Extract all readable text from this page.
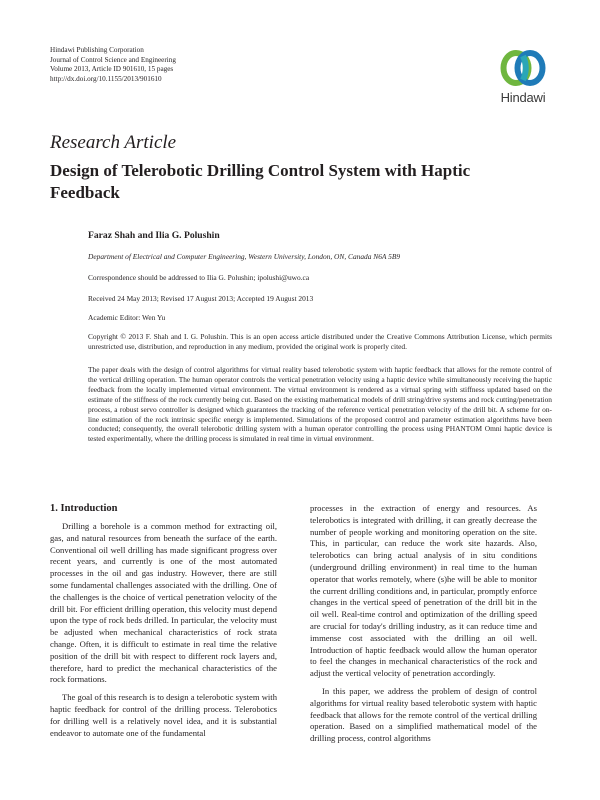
Hindawi Publishing Corporation
Journal of Control Science and Engineering
Volume 2013, Article ID 901610, 15 pages
http://dx.doi.org/10.1155/2013/901610
Hindawi
Research Article
Design of Telerobotic Drilling Control System with Haptic Feedback
Faraz Shah and Ilia G. Polushin
Department of Electrical and Computer Engineering, Western University, London, ON, Canada N6A 5B9
Correspondence should be addressed to Ilia G. Polushin; ipolushi@uwo.ca
Received 24 May 2013; Revised 17 August 2013; Accepted 19 August 2013
Academic Editor: Wen Yu
Copyright © 2013 F. Shah and I. G. Polushin. This is an open access article distributed under the Creative Commons Attribution License, which permits unrestricted use, distribution, and reproduction in any medium, provided the original work is properly cited.
The paper deals with the design of control algorithms for virtual reality based telerobotic system with haptic feedback that allows for the remote control of the vertical drilling operation. The human operator controls the vertical penetration velocity using a haptic device while simultaneously receiving the haptic feedback from the locally implemented virtual environment. The virtual environment is rendered as a virtual spring with stiffness updated based on the estimate of the stiffness of the rock currently being cut. Based on the existing mathematical models of drill string/drive systems and rock cutting/penetration process, a robust servo controller is designed which guarantees the tracking of the reference vertical penetration velocity of the drill bit. A scheme for on-line estimation of the rock intrinsic specific energy is implemented. Simulations of the proposed control and parameter estimation algorithms have been conducted; consequently, the overall telerobotic drilling system with a human operator controlling the process using PHANTOM Omni haptic device is tested experimentally, where the drilling process is simulated in real time in virtual environment.
1. Introduction

Drilling a borehole is a common method for extracting oil, gas, and natural resources from beneath the surface of the earth. Conventional oil well drilling has made significant progress over recent years, and currently is one of the most automated processes in the oil and gas industry. However, there are still some fundamental challenges associated with the drilling. One of the challenges is the choice of vertical penetration velocity of the drill bit. For efficient drilling operation, this velocity must depend upon the type of rock beds drilled. In particular, the velocity must be adjusted when mechanical characteristics of rock strata change. Often, it is difficult to estimate in real time the relative position of the drill bit with respect to different rock layers and, therefore, hard to predict the mechanical characteristics of the rock formations.

The goal of this research is to design a telerobotic system with haptic feedback for control of the drilling process. Telerobotics for drilling well is a relatively novel idea, and it is substantial endeavor to automate one of the fundamental

processes in the extraction of energy and resources. As telerobotics is integrated with drilling, it can greatly decrease the number of people working and monitoring operation on the site. This, in particular, can reduce the work site hazards. Also, telerobotics can bring actual analysis of in situ conditions (underground drilling environment) in real time to the human operator that works remotely, where (s)he will be able to monitor the current drilling conditions and, in particular, promptly enforce changes in the vertical speed of penetration of the drill bit in the oil well. Real-time control and optimization of the drilling speed are crucial for today's drilling industry, as it can reduce time and immense cost associated with the drilling an oil well. Introduction of haptic feedback would allow the human operator to feel the changes in mechanical characteristics of the rock and adjust the vertical velocity of penetration accordingly.

In this paper, we address the problem of design of control algorithms for virtual reality based telerobotic system with haptic feedback that allows for the remote control of the vertical drilling operation. Based on a simplified mathematical model of the drilling process, control algorithms
